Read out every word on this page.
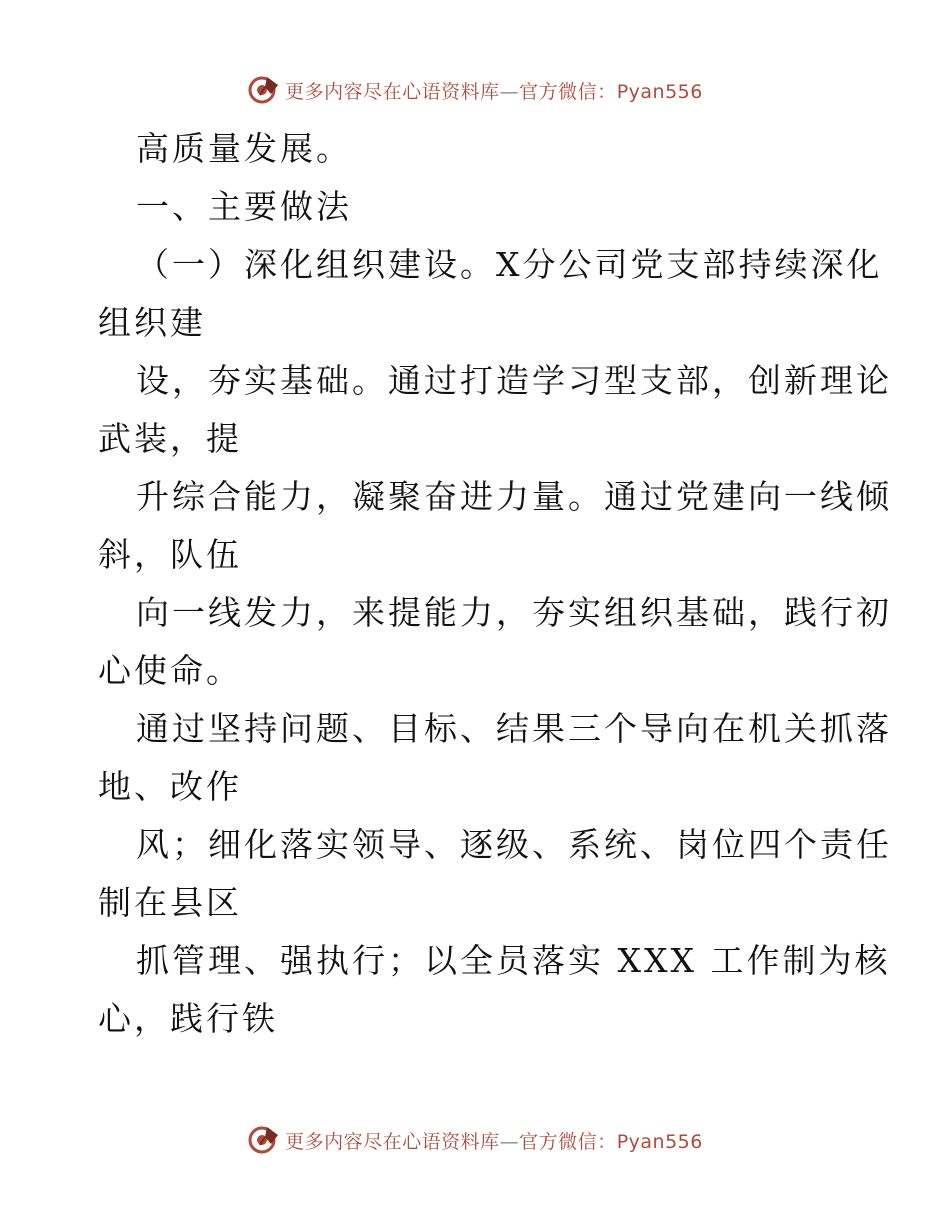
更多内容尽在心语资料库—官方微信：Pyan556
高质量发展。
一、主要做法
（一）深化组织建设。X分公司党支部持续深化
组织建
设，夯实基础。通过打造学习型支部，创新理论
武装，提
升综合能力，凝聚奋进力量。通过党建向一线倾
斜，队伍
向一线发力，来提能力，夯实组织基础，践行初
心使命。
通过坚持问题、目标、结果三个导向在机关抓落
地、改作
风；细化落实领导、逐级、系统、岗位四个责任
制在县区
抓管理、强执行；以全员落实 XXX 工作制为核
心，践行铁
更多内容尽在心语资料库—官方微信：Pyan556
